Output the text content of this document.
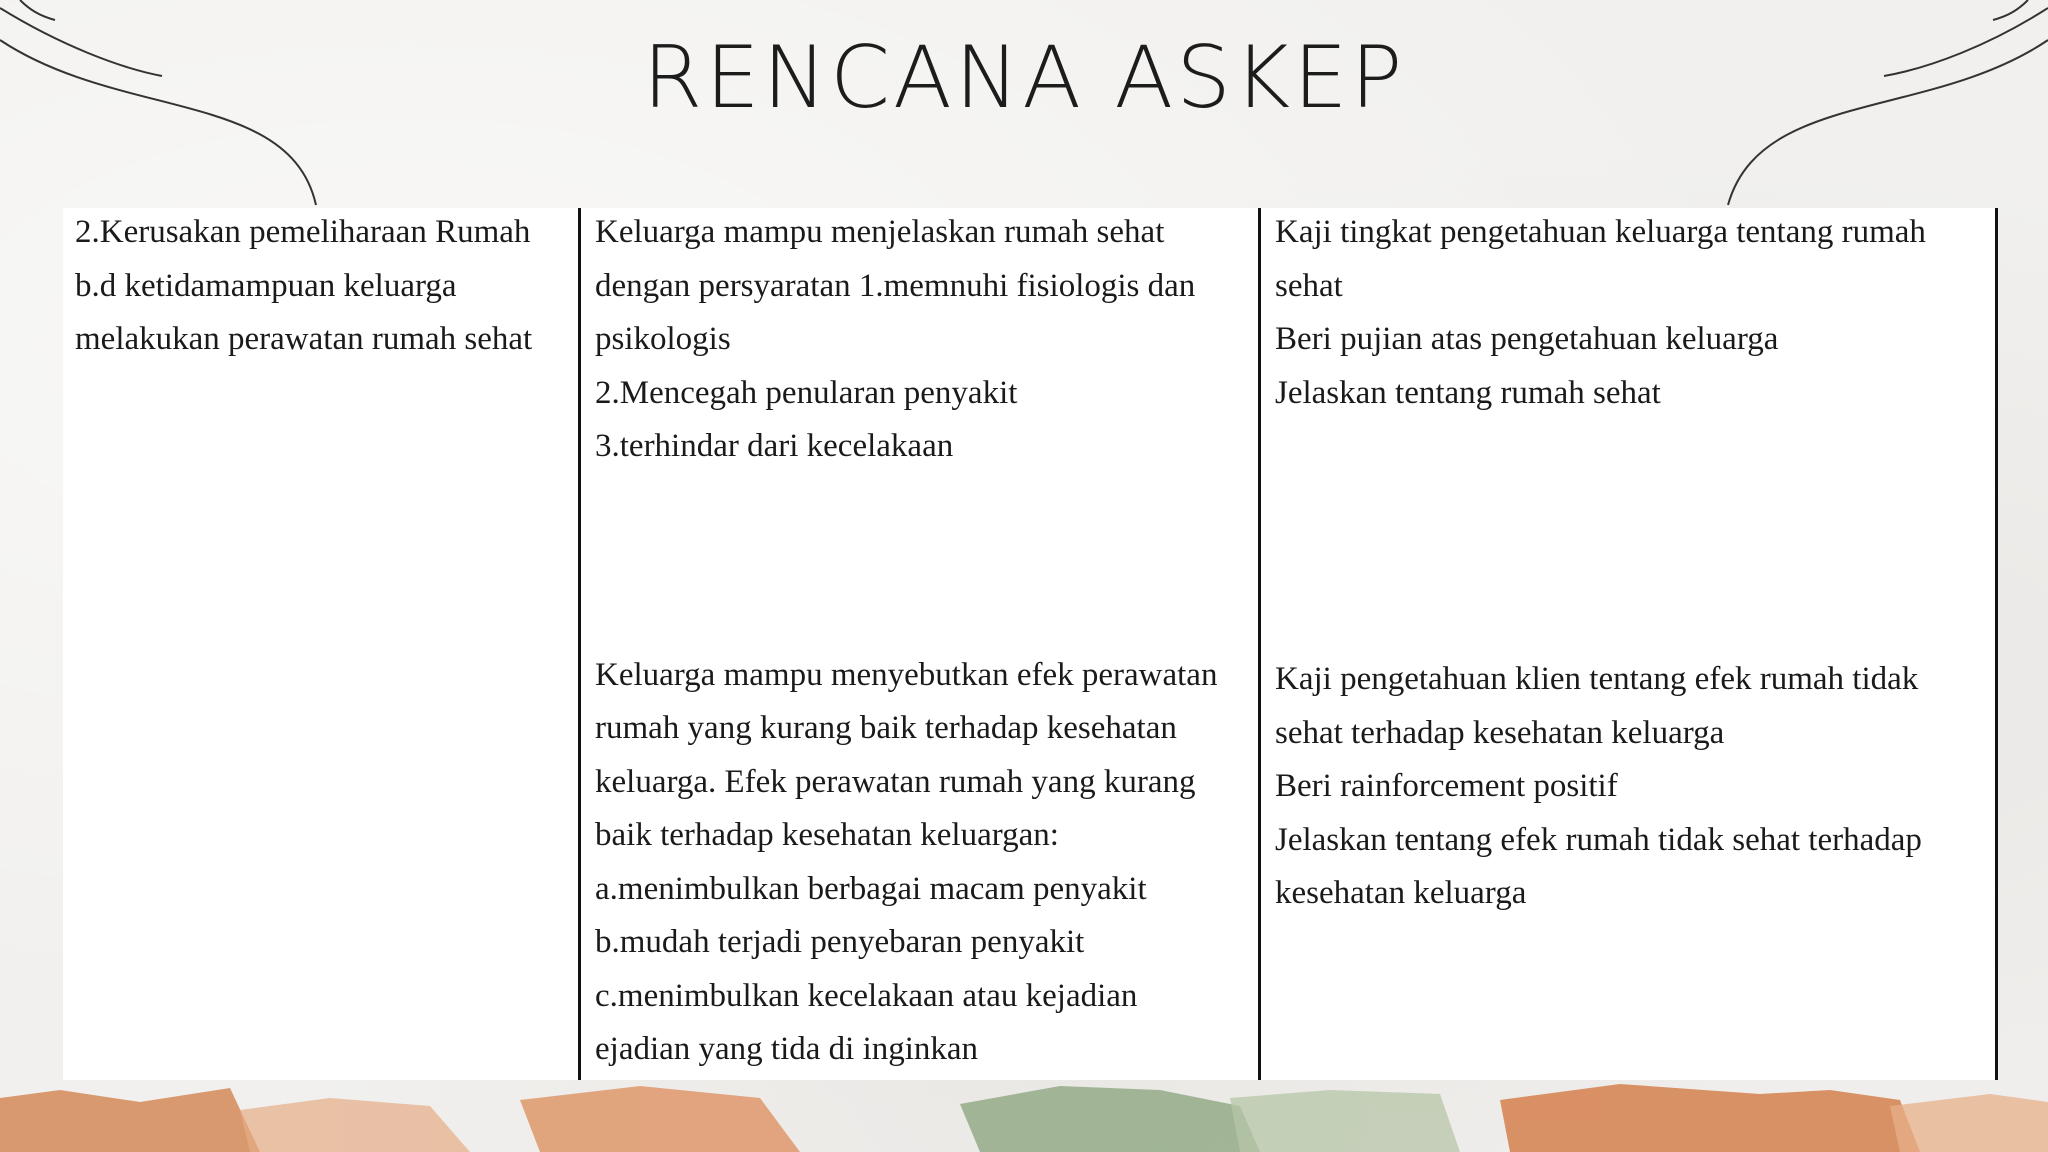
RENCANA ASKEP
2.Kerusakan pemeliharaan Rumah
b.d ketidamampuan keluarga
melakukan perawatan rumah sehat
Keluarga mampu menjelaskan rumah sehat
dengan persyaratan 1.memnuhi fisiologis dan
psikologis
2.Mencegah penularan penyakit
3.terhindar dari kecelakaan
Keluarga mampu menyebutkan efek perawatan
rumah yang kurang baik terhadap kesehatan
keluarga. Efek perawatan rumah yang kurang
baik terhadap kesehatan keluargan:
a.menimbulkan berbagai macam penyakit
b.mudah terjadi penyebaran penyakit
c.menimbulkan kecelakaan atau kejadian
ejadian yang tida di inginkan
Kaji tingkat pengetahuan keluarga tentang rumah
sehat
Beri pujian atas pengetahuan keluarga
Jelaskan tentang rumah sehat
Kaji pengetahuan klien tentang efek rumah tidak
sehat terhadap kesehatan keluarga
Beri rainforcement positif
Jelaskan tentang efek rumah tidak sehat terhadap
kesehatan keluarga
